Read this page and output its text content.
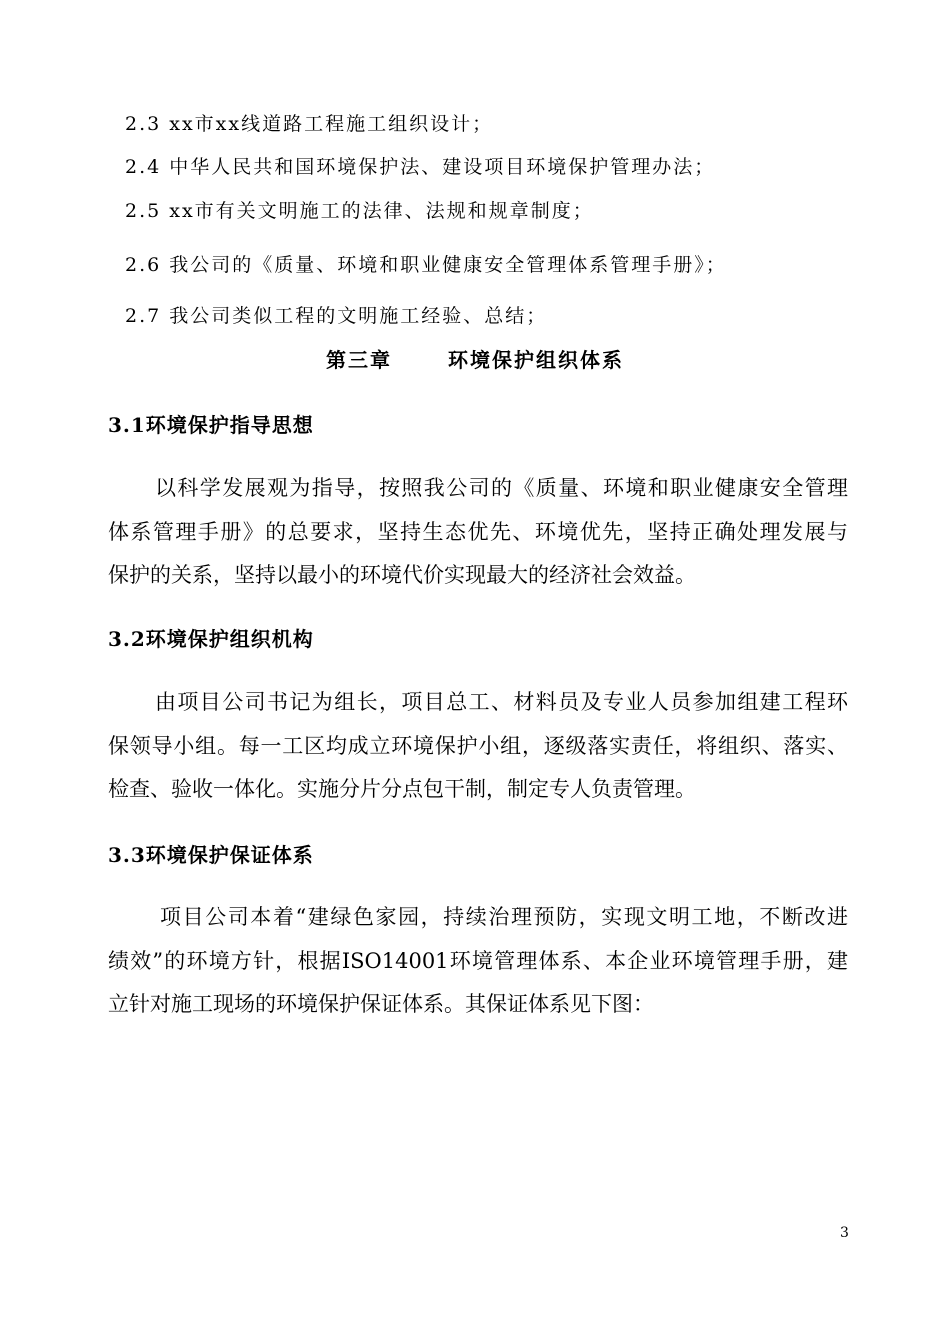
2.3 xx市xx线道路工程施工组织设计；
2.4 中华人民共和国环境保护法、建设项目环境保护管理办法；
2.5 xx市有关文明施工的法律、法规和规章制度；
2.6 我公司的《质量、环境和职业健康安全管理体系管理手册》；
2.7 我公司类似工程的文明施工经验、总结；
第三章	环境保护组织体系
3.1环境保护指导思想
以科学发展观为指导，按照我公司的《质量、环境和职业健康安全管理
体系管理手册》的总要求，坚持生态优先、环境优先，坚持正确处理发展与
保护的关系，坚持以最小的环境代价实现最大的经济社会效益。
3.2环境保护组织机构
由项目公司书记为组长，项目总工、材料员及专业人员参加组建工程环
保领导小组。每一工区均成立环境保护小组，逐级落实责任，将组织、落实、
检查、验收一体化。实施分片分点包干制，制定专人负责管理。
3.3环境保护保证体系
项目公司本着“建绿色家园，持续治理预防，实现文明工地，不断改进
绩效”的环境方针，根据ISO14001环境管理体系、本企业环境管理手册，建
立针对施工现场的环境保护保证体系。其保证体系见下图：
3
